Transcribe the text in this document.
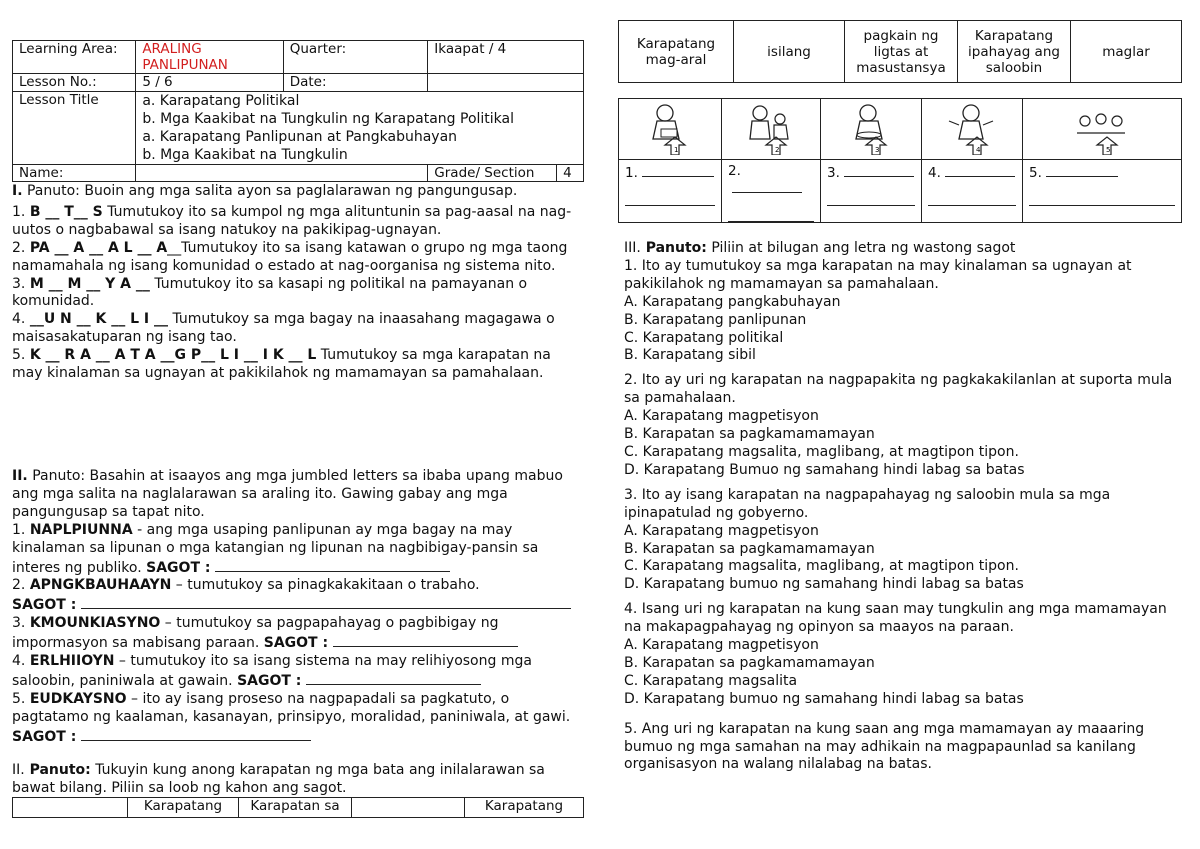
Learning Area:	ARALING PANLIPUNAN	Quarter:	Ikaapat / 4	
Lesson No.:	5 / 6	Date:		
Lesson Title	a. Karapatang Politikal
b. Mga Kaakibat na Tungkulin ng Karapatang Politikal
a. Karapatang Panlipunan at Pangkabuhayan
b. Mga Kaakibat na Tungkulin			

Name:			Grade/ Section	4

I. Panuto: Buoin ang mga salita ayon sa paglalarawan ng pangungusap.

1. B __ T__ S Tumutukoy ito sa kumpol ng mga alituntunin sa pag-aasal na nag-uutos o nagbabawal sa isang natukoy na pakikipag-ugnayan.

2. PA __ A __ A L __ A__Tumutukoy ito sa isang katawan o grupo ng mga taong namamahala ng isang komunidad o estado at nag-oorganisa ng sistema nito.

3. M __ M __ Y A __ Tumutukoy ito sa kasapi ng politikal na pamayanan o komunidad.

4. __U N __ K __ L I __ Tumutukoy sa mga bagay na inaasahang magagawa o maisasakatuparan ng isang tao.

5. K __ R A __ A T A __G P__ L I __ I K __ L Tumutukoy sa mga karapatan na may kinalaman sa ugnayan at pakikilahok ng mamamayan sa pamahalaan.

II. Panuto: Basahin at isaayos ang mga jumbled letters sa ibaba upang mabuo ang mga salita na naglalarawan sa araling ito. Gawing gabay ang mga pangungusap sa tapat nito.

1. NAPLPIUNNA - ang mga usaping panlipunan ay mga bagay na may
kinalaman sa lipunan o mga katangian ng lipunan na nagbibigay-pansin sa interes ng publiko. SAGOT :

2. APNGKBAUHAAYN – tumutukoy sa pinagkakakitaan o trabaho.
SAGOT :

3. KMOUNKIASYNO – tumutukoy sa pagpapahayag o pagbibigay ng impormasyon sa mabisang paraan. SAGOT :

4. ERLHIIOYN – tumutukoy ito sa isang sistema na may relihiyosong mga saloobin, paniniwala at gawain. SAGOT :

5. EUDKAYSNO – ito ay isang proseso na nagpapadali sa pagkatuto, o pagtatamo ng kaalaman, kasanayan, prinsipyo, moralidad, paniniwala, at gawi. SAGOT :

II. Panuto: Tukuyin kung anong karapatan ng mga bata ang inilalarawan sa bawat bilang. Piliin sa loob ng kahon ang sagot.

	Karapatang	Karapatan sa		Karapatang
Karapatang mag-aral	isilang	pagkain ng ligtas at masustansya	Karapatang ipahayag ang saloobin	maglar
1	2	3	4	5

1.	2.	3.	4.	5.

III. Panuto: Piliin at bilugan ang letra ng wastong sagot

1. Ito ay tumutukoy sa mga karapatan na may kinalaman sa ugnayan at pakikilahok ng mamamayan sa pamahalaan.

A. Karapatang pangkabuhayan

B. Karapatang panlipunan

C. Karapatang politikal

B. Karapatang sibil

2. Ito ay uri ng karapatan na nagpapakita ng pagkakakilanlan at suporta mula sa pamahalaan.

A. Karapatang magpetisyon

B. Karapatan sa pagkamamamayan

C. Karapatang magsalita, maglibang, at magtipon tipon.

D. Karapatang Bumuo ng samahang hindi labag sa batas

3. Ito ay isang karapatan na nagpapahayag ng saloobin mula sa mga ipinapatulad ng gobyerno.

A. Karapatang magpetisyon

B. Karapatan sa pagkamamamayan

C. Karapatang magsalita, maglibang, at magtipon tipon.

D. Karapatang bumuo ng samahang hindi labag sa batas

4. Isang uri ng karapatan na kung saan may tungkulin ang mga mamamayan na makapagpahayag ng opinyon sa maayos na paraan.

A. Karapatang magpetisyon

B. Karapatan sa pagkamamamayan

C. Karapatang magsalita

D. Karapatang bumuo ng samahang hindi labag sa batas

5. Ang uri ng karapatan na kung saan ang mga mamamayan ay maaaring bumuo ng mga samahan na may adhikain na magpapaunlad sa kanilang organisasyon na walang nilalabag na batas.
